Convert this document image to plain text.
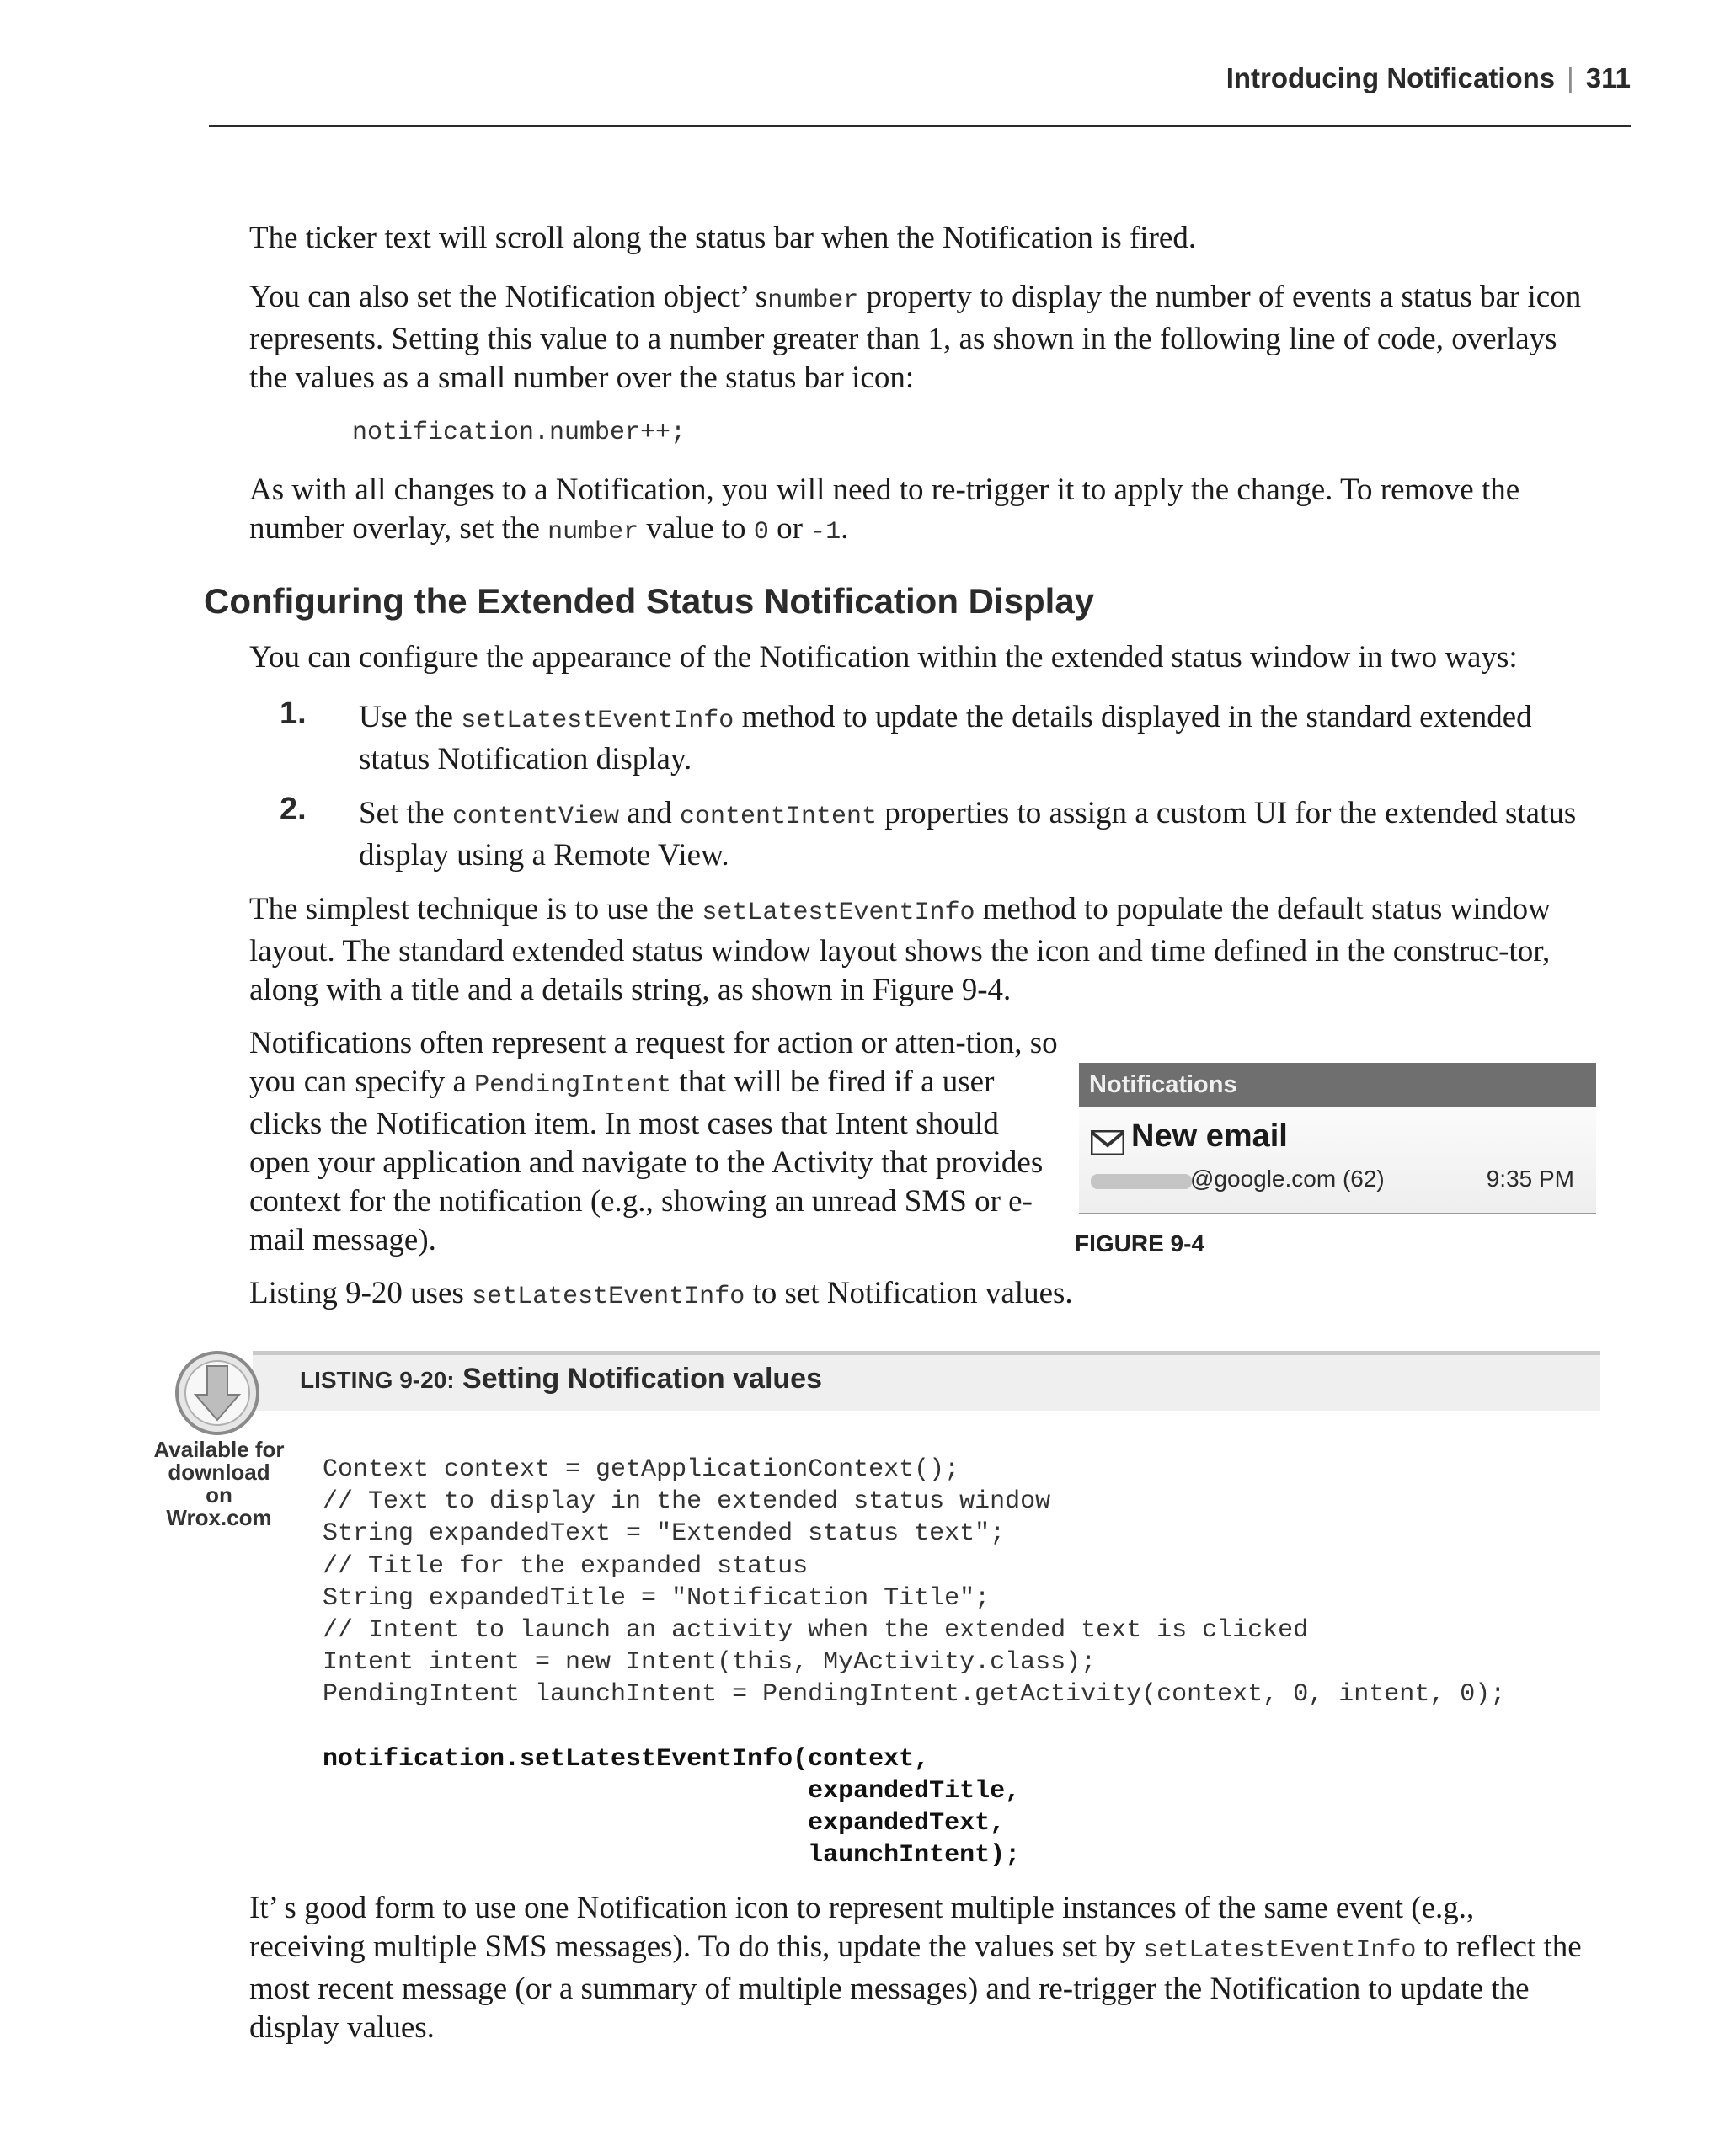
Introducing Notifications | 311

The ticker text will scroll along the status bar when the Notification is fired.

You can also set the Notification object’ snumber property to display the number of events a status bar icon represents. Setting this value to a number greater than 1, as shown in the following line of code, overlays the values as a small number over the status bar icon:

notification.number++;

As with all changes to a Notification, you will need to re-trigger it to apply the change. To remove the number overlay, set the number value to 0 or -1.

Configuring the Extended Status Notification Display

You can configure the appearance of the Notification within the extended status window in two ways:

1. Use the setLatestEventInfo method to update the details displayed in the standard extended status Notification display.

2. Set the contentView and contentIntent properties to assign a custom UI for the extended status display using a Remote View.

The simplest technique is to use the setLatestEventInfo method to populate the default status window layout. The standard extended status window layout shows the icon and time defined in the construc-tor, along with a title and a details string, as shown in Figure 9-4.

Notifications often represent a request for action or atten-tion, so you can specify a PendingIntent that will be fired if a user clicks the Notification item. In most cases that Intent should open your application and navigate to the Activity that provides context for the notification (e.g., showing an unread SMS or e-mail message).

Notifications
New email
@google.com (62)	9:35 PM
FIGURE 9-4

Listing 9-20 uses setLatestEventInfo to set Notification values.

Available for
download on
Wrox.com
LISTING 9-20: Setting Notification values
Context context = getApplicationContext();
// Text to display in the extended status window
String expandedText = "Extended status text";
// Title for the expanded status
String expandedTitle = "Notification Title";
// Intent to launch an activity when the extended text is clicked
Intent intent = new Intent(this, MyActivity.class);
PendingIntent launchIntent = PendingIntent.getActivity(context, 0, intent, 0);

notification.setLatestEventInfo(context,
expandedTitle,
expandedText,
launchIntent);

It’ s good form to use one Notification icon to represent multiple instances of the same event (e.g., receiving multiple SMS messages). To do this, update the values set by setLatestEventInfo to reflect the most recent message (or a summary of multiple messages) and re-trigger the Notification to update the display values.
